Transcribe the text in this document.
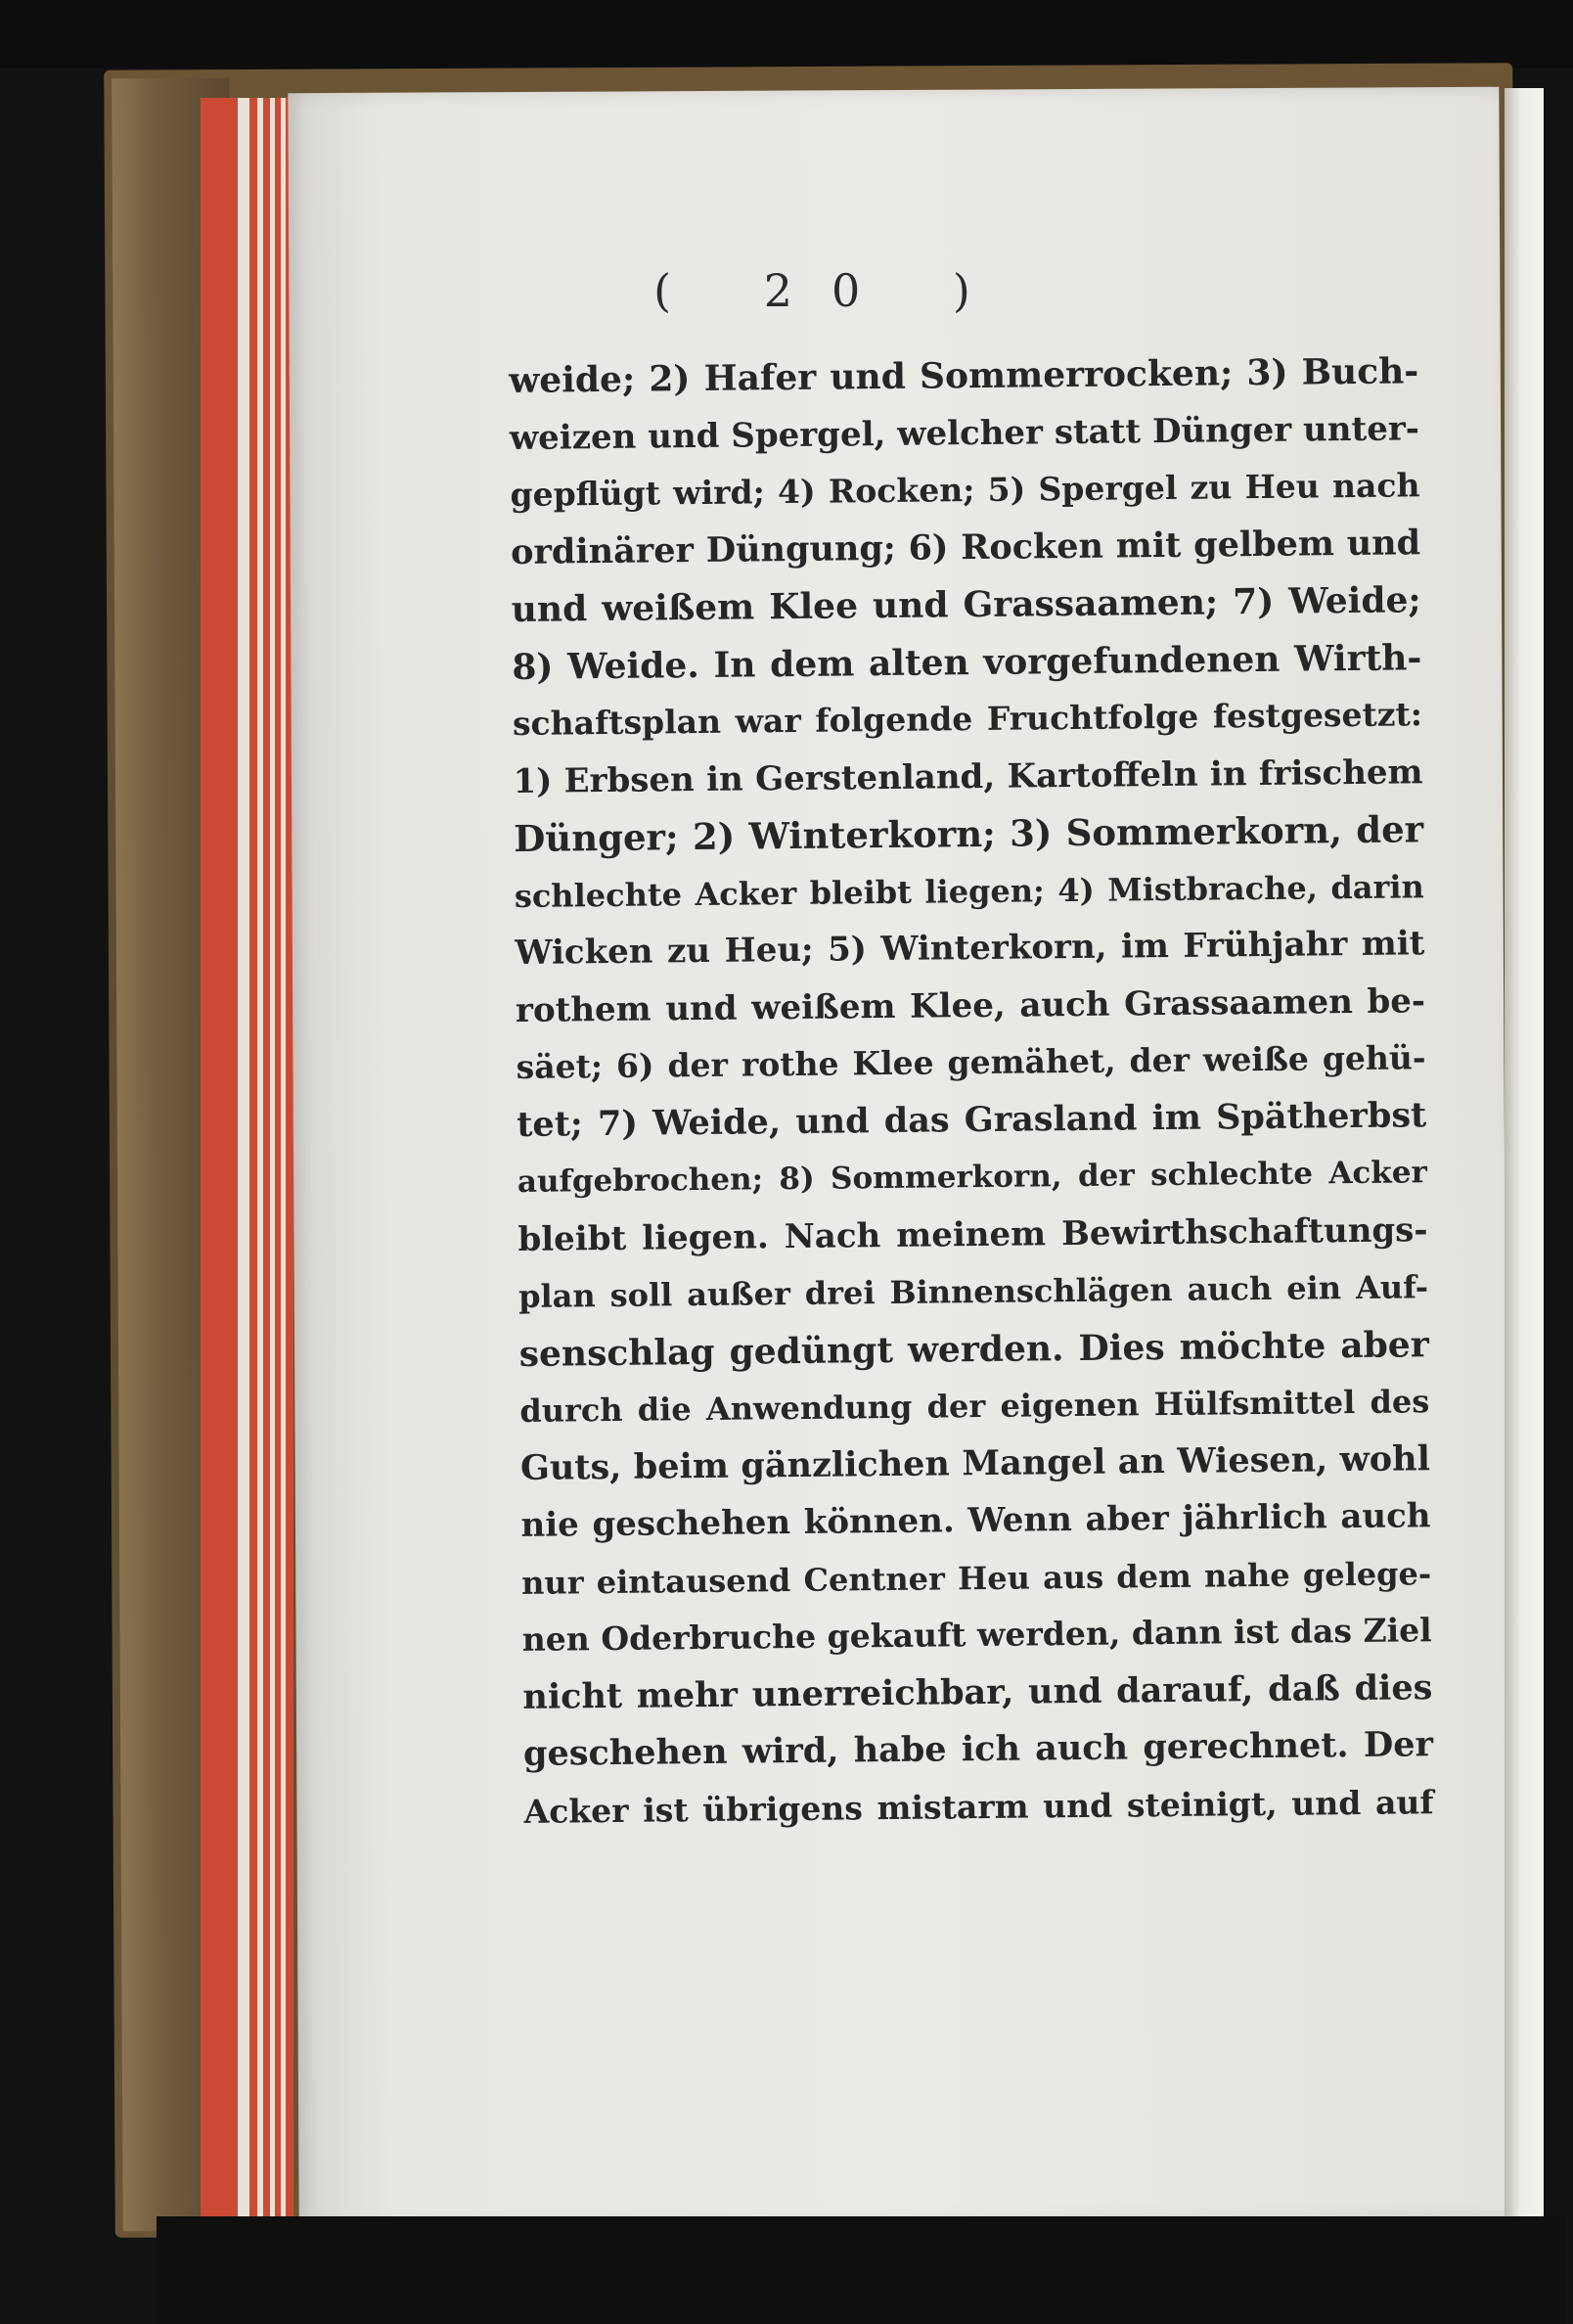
( 20 )
weide; 2) Hafer und Sommerrocken; 3) Buch-
weizen und Spergel, welcher statt Dünger unter-
gepflügt wird; 4) Rocken; 5) Spergel zu Heu nach
ordinärer Düngung; 6) Rocken mit gelbem und
und weißem Klee und Grassaamen; 7) Weide;
8) Weide. In dem alten vorgefundenen Wirth-
schaftsplan war folgende Fruchtfolge festgesetzt:
1) Erbsen in Gerstenland, Kartoffeln in frischem
Dünger; 2) Winterkorn; 3) Sommerkorn, der
schlechte Acker bleibt liegen; 4) Mistbrache, darin
Wicken zu Heu; 5) Winterkorn, im Frühjahr mit
rothem und weißem Klee, auch Grassaamen be-
säet; 6) der rothe Klee gemähet, der weiße gehü-
tet; 7) Weide, und das Grasland im Spätherbst
aufgebrochen; 8) Sommerkorn, der schlechte Acker
bleibt liegen. Nach meinem Bewirthschaftungs-
plan soll außer drei Binnenschlägen auch ein Auf-
senschlag gedüngt werden. Dies möchte aber
durch die Anwendung der eigenen Hülfsmittel des
Guts, beim gänzlichen Mangel an Wiesen, wohl
nie geschehen können. Wenn aber jährlich auch
nur eintausend Centner Heu aus dem nahe gelege-
nen Oderbruche gekauft werden, dann ist das Ziel
nicht mehr unerreichbar, und darauf, daß dies
geschehen wird, habe ich auch gerechnet. Der
Acker ist übrigens mistarm und steinigt, und auf
